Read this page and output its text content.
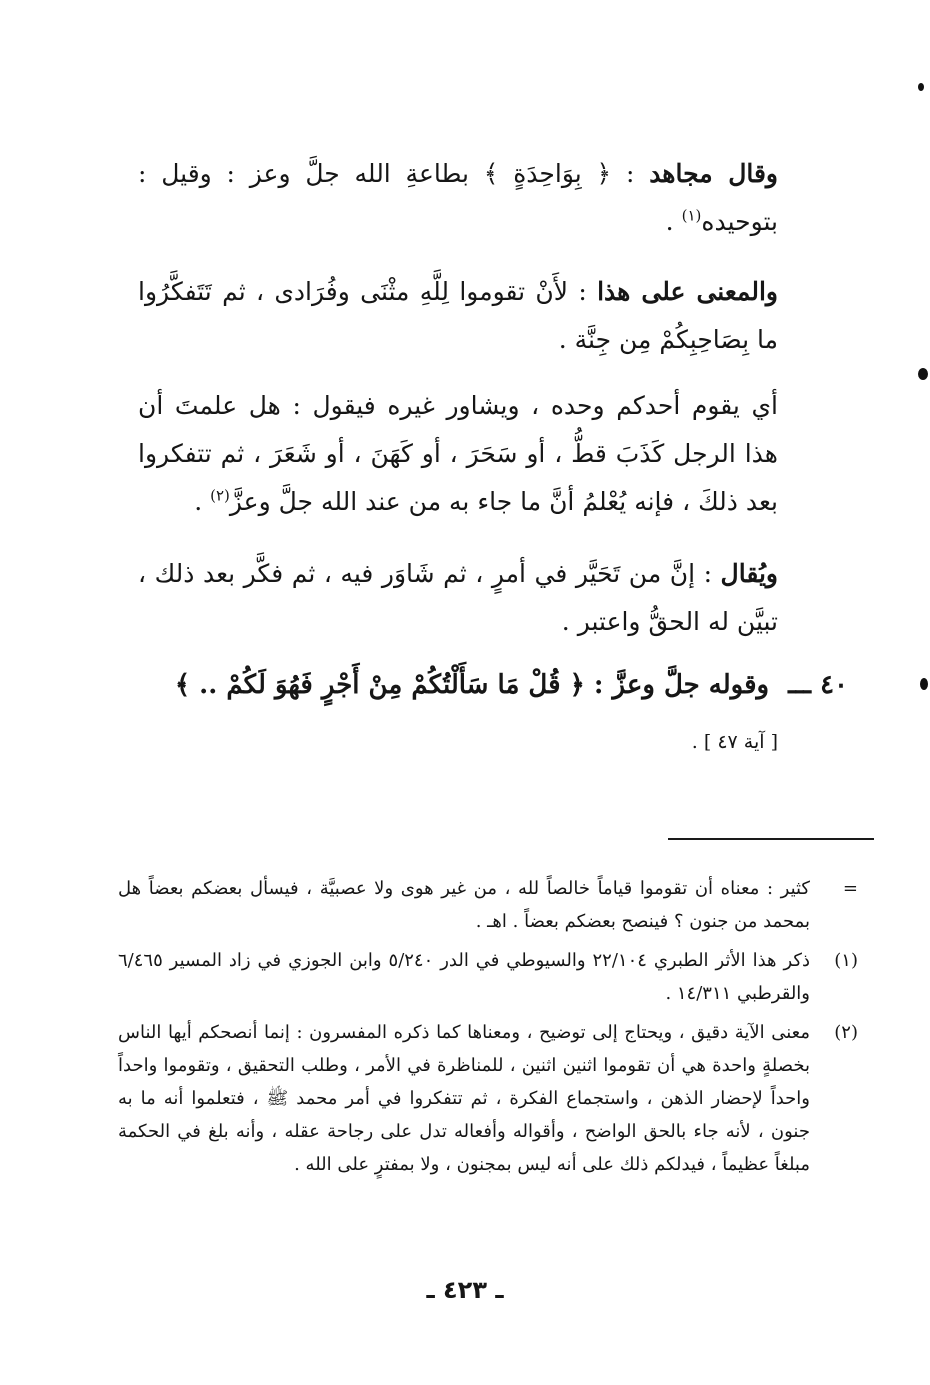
وقال مجاهد : ﴿ بِوَاحِدَةٍ ﴾ بطاعةِ الله جلَّ وعز : وقيل : بتوحيده$^{(١)}$ .
والمعنى على هذا : لأَنْ تقوموا لِلَّهِ مثْنَى وفُرَادى ، ثم تَتَفكَّرُوا ما بِصَاحِبِكُمْ مِن جِنَّة .
أي يقوم أحدكم وحده ، ويشاور غيره فيقول : هل علمتَ أن هذا الرجل كَذَبَ قطُّ ، أو سَحَرَ ، أو كَهَنَ ، أو شَعَرَ ، ثم تتفكروا بعد ذلكَ ، فإنه يُعْلمُ أنَّ ما جاء به من عند الله جلَّ وعزَّ$^{(٢)}$ .
ويُقال : إنَّ من تَحَيَّر في أمرٍ ، ثم شَاوَر فيه ، ثم فكَّر بعد ذلك ، تبيَّن له الحقُّ واعتبر .
٤٠ ـــ وقوله جلَّ وعزَّ : ﴿ قُلْ مَا سَأَلْتُكُمْ مِنْ أَجْرٍ فَهُوَ لَكُمْ .. ﴾
[ آية ٤٧ ] .
=
كثير : معناه أن تقوموا قياماً خالصاً لله ، من غير هوى ولا عصبيَّة ، فيسأل بعضكم بعضاً هل بمحمد من جنون ؟ فينصح بعضكم بعضاً . اهـ .
(١)
ذكر هذا الأثر الطبري ٢٢/١٠٤ والسيوطي في الدر ٥/٢٤٠ وابن الجوزي في زاد المسير ٦/٤٦٥ والقرطبي ١٤/٣١١ .
(٢)
معنى الآية دقيق ، ويحتاج إلى توضيح ، ومعناها كما ذكره المفسرون : إنما أنصحكم أيها الناس بخصلةٍ واحدة هي أن تقوموا اثنين اثنين ، للمناظرة في الأمر ، وطلب التحقيق ، وتقوموا واحداً واحداً لإحضار الذهن ، واستجماع الفكرة ، ثم تتفكروا في أمر محمد ﷺ ، فتعلموا أنه ما به جنون ، لأنه جاء بالحق الواضح ، وأقواله وأفعاله تدل على رجاحة عقله ، وأنه بلغ في الحكمة مبلغاً عظيماً ، فيدلكم ذلك على أنه ليس بمجنون ، ولا بمفترٍ على الله .
ـ ٤٢٣ ـ
